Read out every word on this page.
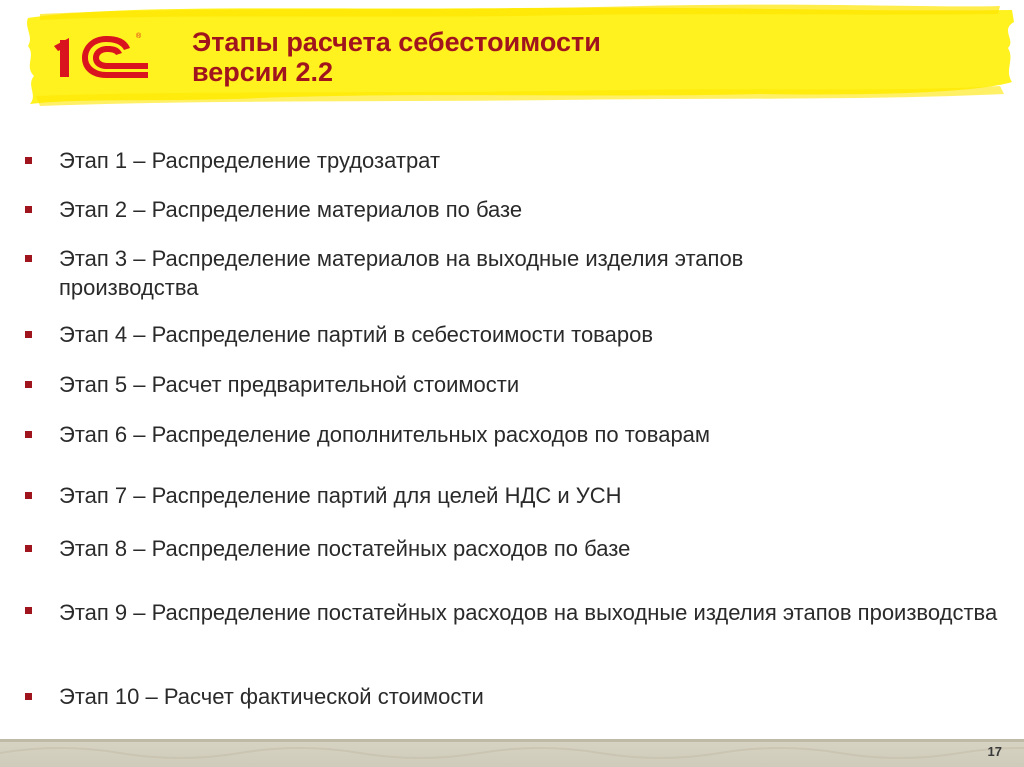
® Этапы расчета себестоимости
версии 2.2
Этап 1 – Распределение трудозатрат
Этап 2 – Распределение материалов по базе
Этап 3 – Распределение материалов на выходные изделия этапов производства
Этап 4 – Распределение партий в себестоимости товаров
Этап 5 – Расчет предварительной стоимости
Этап 6 – Распределение дополнительных расходов по товарам
Этап 7 – Распределение партий для целей НДС и УСН
Этап 8 – Распределение постатейных расходов по базе
Этап 9 – Распределение постатейных расходов на выходные изделия этапов производства
Этап 10 – Расчет фактической стоимости
17
